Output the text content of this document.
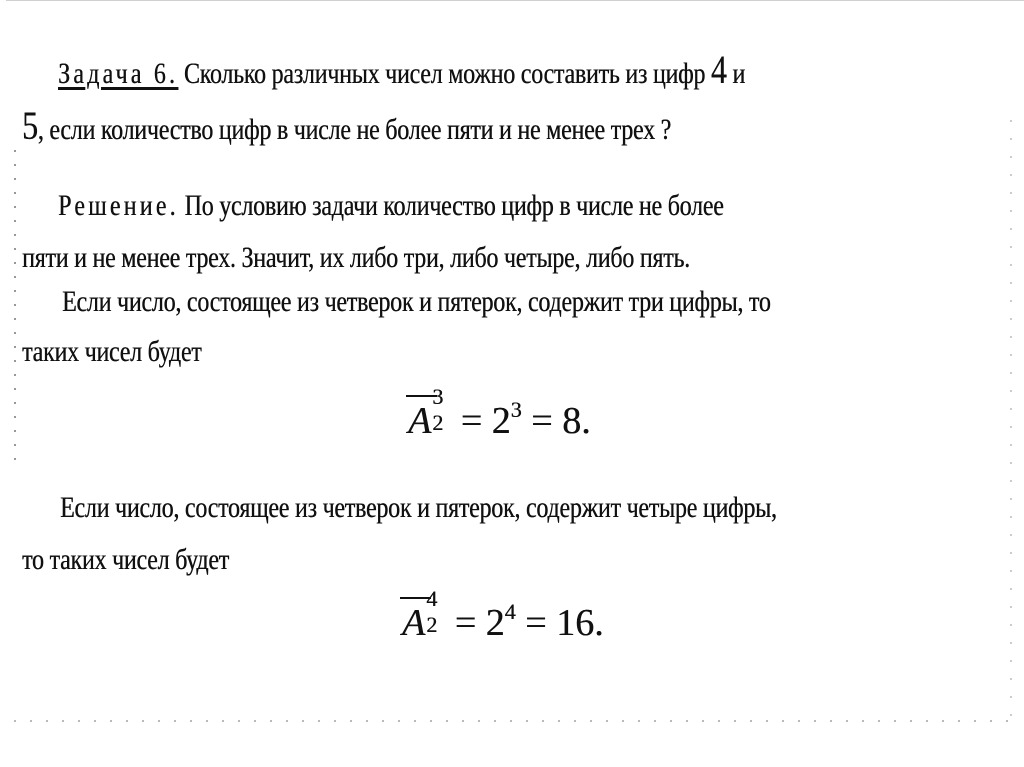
Задача 6. Сколько различных чисел можно составить из цифр 4 и
5, если количество цифр в числе не более пяти и не менее трех ?
Решение. По условию задачи количество цифр в числе не более
пяти и не менее трех. Значит, их либо три, либо четыре, либо пять.
Если число, состоящее из четверок и пятерок, содержит три цифры, то
таких чисел будет
A
3
$2 = 2^3 = 8$.
Если число, состоящее из четверок и пятерок, содержит четыре цифры,
то таких чисел будет
A
4
$2 = 2^4 = 16$.
